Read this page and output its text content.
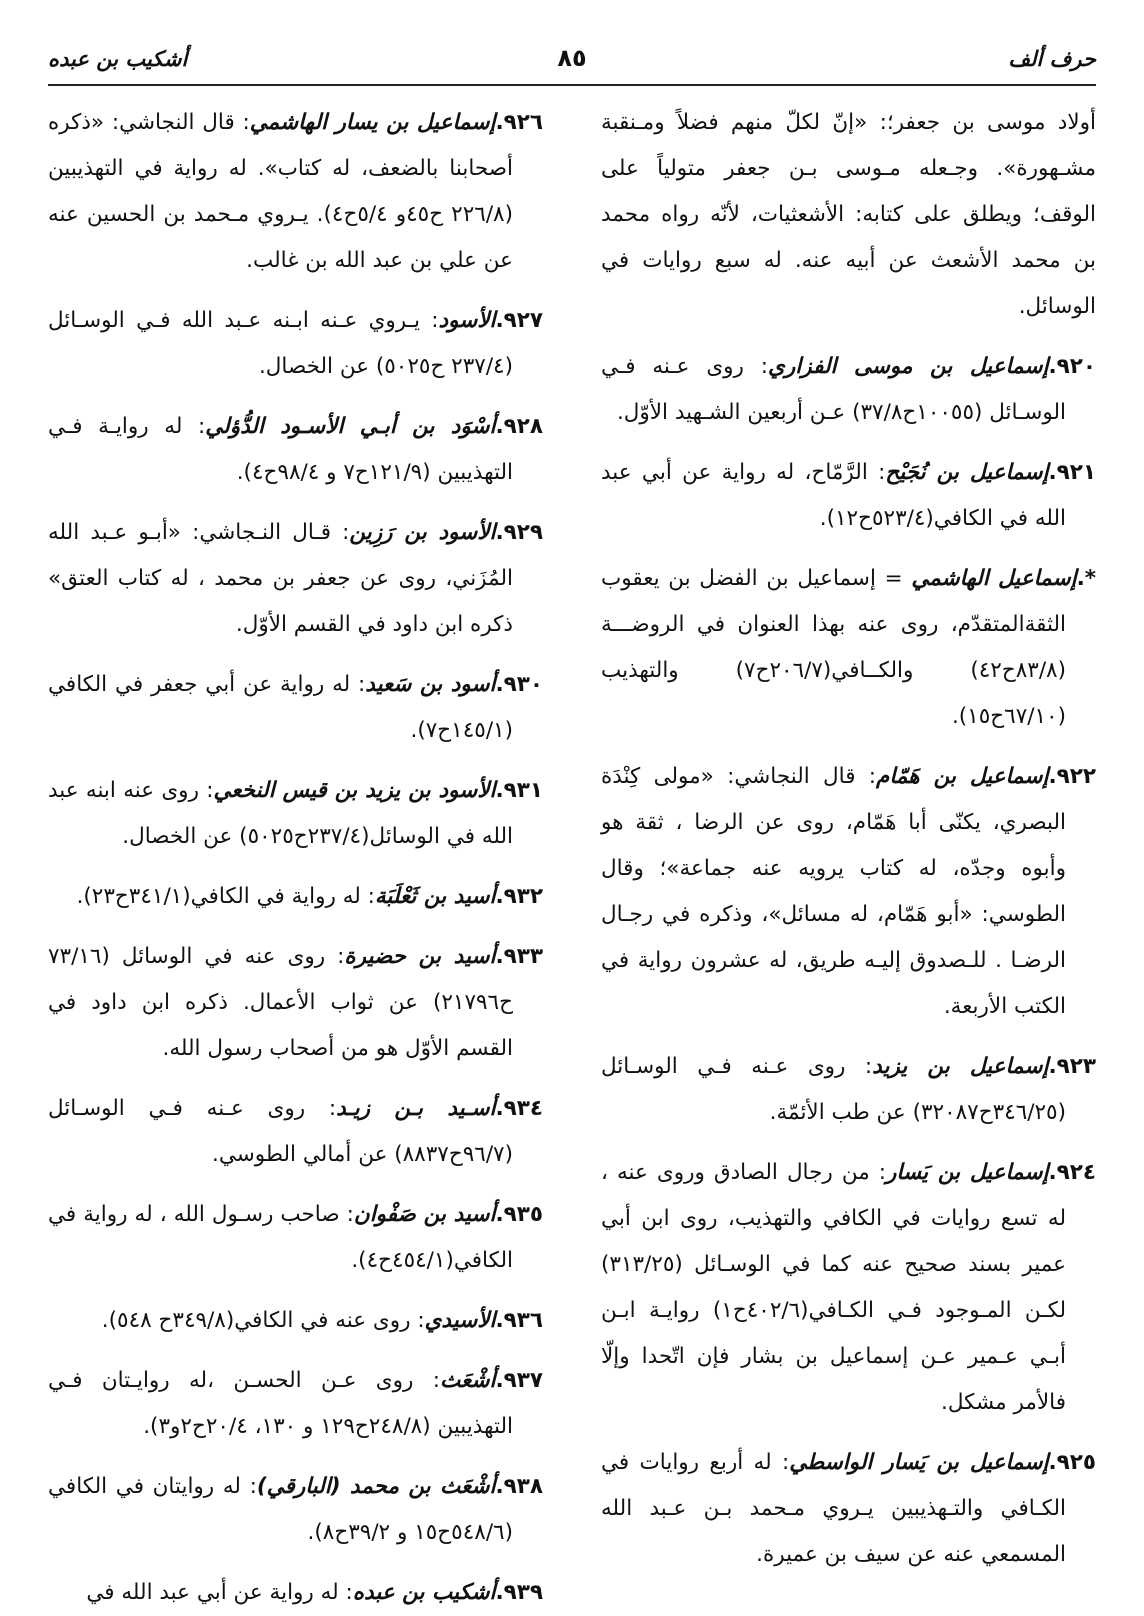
حرف ألف
٨٥
أشكيب بن عبده

أولاد موسى بن جعفر؛: «إنّ لكلّ منهم فضلاً ومـنقبة مشـهورة». وجـعله مـوسى بـن جعفر متولياً على الوقف؛ ويطلق على كتابه: الأشعثيات، لأنّه رواه محمد بن محمد الأشعث عن أبيه عنه. له سبع روايات في الوسائل.

٩٢٠.إسماعيل بن موسى الفزاري: روى عـنه فـي الوسـائل (١٠٠٥٥ح٣٧/٨) عـن أربعين الشـهيد الأوّل.

٩٢١.إسماعيل بن نُجَيْح: الرَّمّاح، له رواية عن أبي عبد الله في الكافي(٥٢٣/٤ح١٢).

*.إسماعيل الهاشمي = إسماعيل بن الفضل بن يعقوب الثقةالمتقدّم، روى عنه بهذا العنوان في الروضـــة (٨٣/٨ح٤٢) والكــافي(٢٠٦/٧ح٧) والتهذيب (٦٧/١٠ح١٥).

٩٢٢.إسماعيل بن هَمّام: قال النجاشي: «مولى كِنْدَة البصري، يكنّى أبا هَمّام، روى عن الرضا ، ثقة هو وأبوه وجدّه، له كتاب يرويه عنه جماعة»؛ وقال الطوسي: «أبو هَمّام، له مسائل»، وذكره في رجـال الرضـا . للـصدوق إليـه طريق، له عشرون رواية في الكتب الأربعة.

٩٢٣.إسماعيل بن يزيد: روى عـنه فـي الوسـائل (٣٤٦/٢٥ح٣٢٠٨٧) عن طب الأئمّة.

٩٢٤.إسماعيل بن يَسار: من رجال الصادق وروى عنه ، له تسع روايات في الكافي والتهذيب، روى ابن أبي عمير بسند صحيح عنه كما في الوسـائل (٣١٣/٢٥) لكـن المـوجود فـي الكـافي(٤٠٢/٦ح١) روايـة ابـن أبـي عـمير عـن إسماعيل بن بشار فإن اتّحدا وإلّا فالأمر مشكل.

٩٢٥.إسماعيل بن يَسار الواسطي: له أربع روايات في الكـافي والتـهذيبين يـروي مـحمد بـن عـبد الله المسمعي عنه عن سيف بن عميرة.

٩٢٦.إسماعيل بن يسار الهاشمي: قال النجاشي: «ذكره أصحابنا بالضعف، له كتاب». له رواية في التهذيبين (٢٢٦/٨ ح٤٥و ٥/٤ح٤). يـروي مـحمد بن الحسين عنه عن علي بن عبد الله بن غالب.

٩٢٧.الأسود: يـروي عـنه ابـنه عـبد الله فـي الوسـائل (٢٣٧/٤ ح٥٠٢٥) عن الخصال.

٩٢٨.أسْوَد بن أبـي الأسـود الدُّؤلي: له روايـة فـي التهذيبين (١٢١/٩ح٧ و ٩٨/٤ح٤).

٩٢٩.الأسود بن رَزِين: قـال النـجاشي: «أبـو عـبد الله المُزَني، روى عن جعفر بن محمد ، له كتاب العتق» ذكره ابن داود في القسم الأوّل.

٩٣٠.أسود بن سَعيد: له رواية عن أبي جعفر في الكافي (١٤٥/١ح٧).

٩٣١.الأسود بن يزيد بن قيس النخعي: روى عنه ابنه عبد الله في الوسائل(٢٣٧/٤ح٥٠٢٥) عن الخصال.

٩٣٢.أسيد بن ثَعْلَبَة: له رواية في الكافي(٣٤١/١ح٢٣).

٩٣٣.أسيد بن حضيرة: روى عنه في الوسائل (٧٣/١٦ ح٢١٧٩٦) عن ثواب الأعمال. ذكره ابن داود في القسم الأوّل هو من أصحاب رسول الله.

٩٣٤.أسـيد بـن زيـد: روى عـنه فـي الوسـائل (٩٦/٧ح٨٨٣٧) عن أمالي الطوسي.

٩٣٥.أسيد بن صَفْوان: صاحب رسـول الله ، له رواية في الكافي(٤٥٤/١ح٤).

٩٣٦.الأسيدي: روى عنه في الكافي(٣٤٩/٨ح ٥٤٨).

٩٣٧.أشْعَث: روى عـن الحسـن ،له روايـتان فـي التهذيبين (٢٤٨/٨ح١٢٩ و ١٣٠، ٢٠/٤ح٢و٣).

٩٣٨.أشْعَث بن محمد (البارقي): له روايتان في الكافي (٥٤٨/٦ح١٥ و ٣٩/٢ح٨).

٩٣٩.أشكيب بن عبده: له رواية عن أبي عبد الله في
